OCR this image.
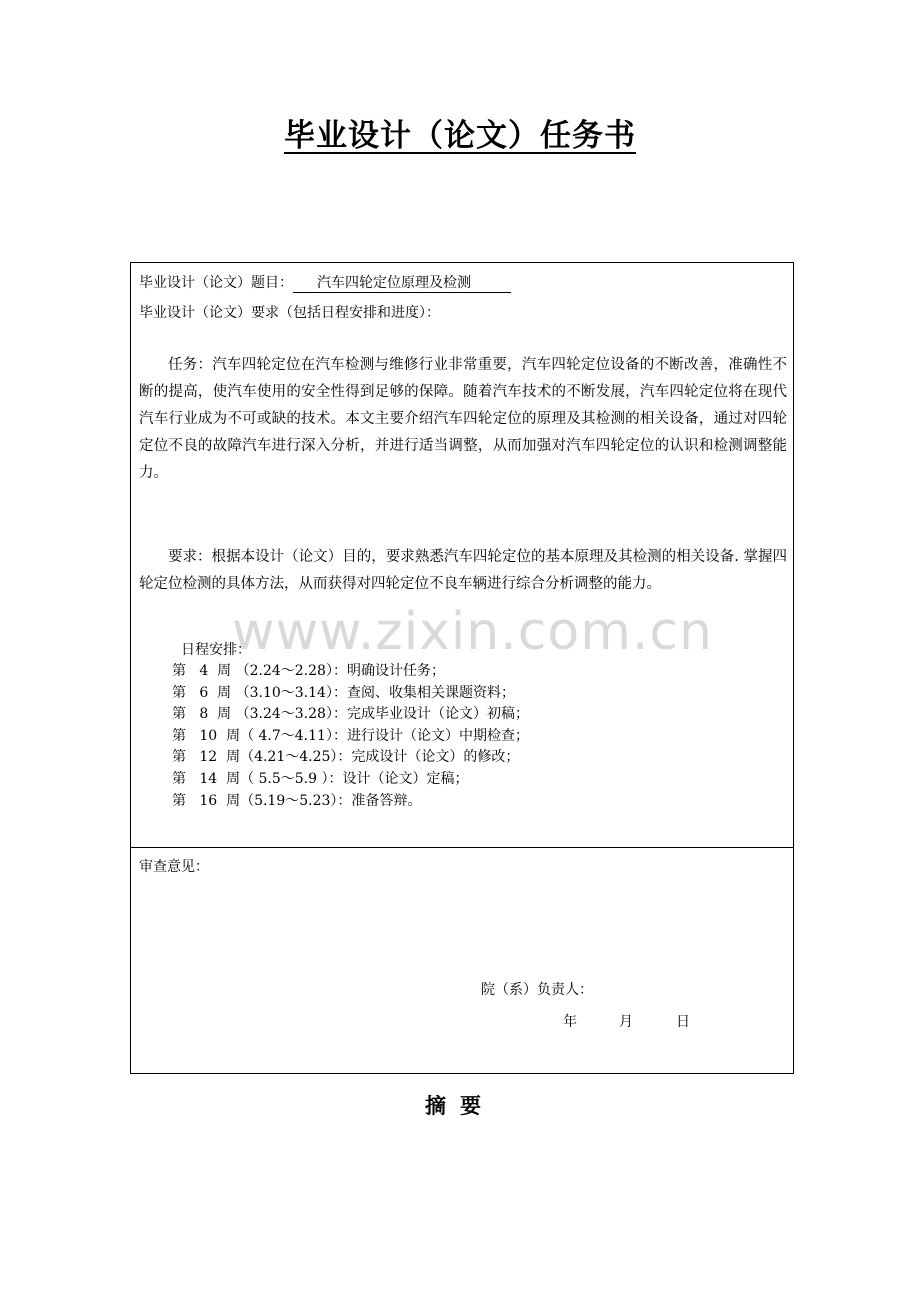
毕业设计（论文）任务书
毕业设计（论文）题目： 汽车四轮定位原理及检测
毕业设计（论文）要求（包括日程安排和进度）：
任务：汽车四轮定位在汽车检测与维修行业非常重要，汽车四轮定位设备的不断改善，准确性不断的提高，使汽车使用的安全性得到足够的保障。随着汽车技术的不断发展，汽车四轮定位将在现代汽车行业成为不可或缺的技术。本文主要介绍汽车四轮定位的原理及其检测的相关设备，通过对四轮定位不良的故障汽车进行深入分析，并进行适当调整，从而加强对汽车四轮定位的认识和检测调整能力。
要求：根据本设计（论文）目的，要求熟悉汽车四轮定位的基本原理及其检测的相关设备. 掌握四轮定位检测的具体方法，从而获得对四轮定位不良车辆进行综合分析调整的能力。
日程安排：
第   4  周 （2.24～2.28）：明确设计任务；
第   6  周 （3.10～3.14）：查阅、收集相关课题资料；
第   8  周 （3.24～3.28）：完成毕业设计（论文）初稿；
第   10  周（ 4.7～4.11）：进行设计（论文）中期检查；
第   12  周（4.21～4.25）：完成设计（论文）的修改；
第   14  周（ 5.5～5.9 ）：设计（论文）定稿；
第   16  周（5.19～5.23）：准备答辩。
审查意见：
院（系）负责人：
年	月	日
www.zixin.com.cn
摘要
